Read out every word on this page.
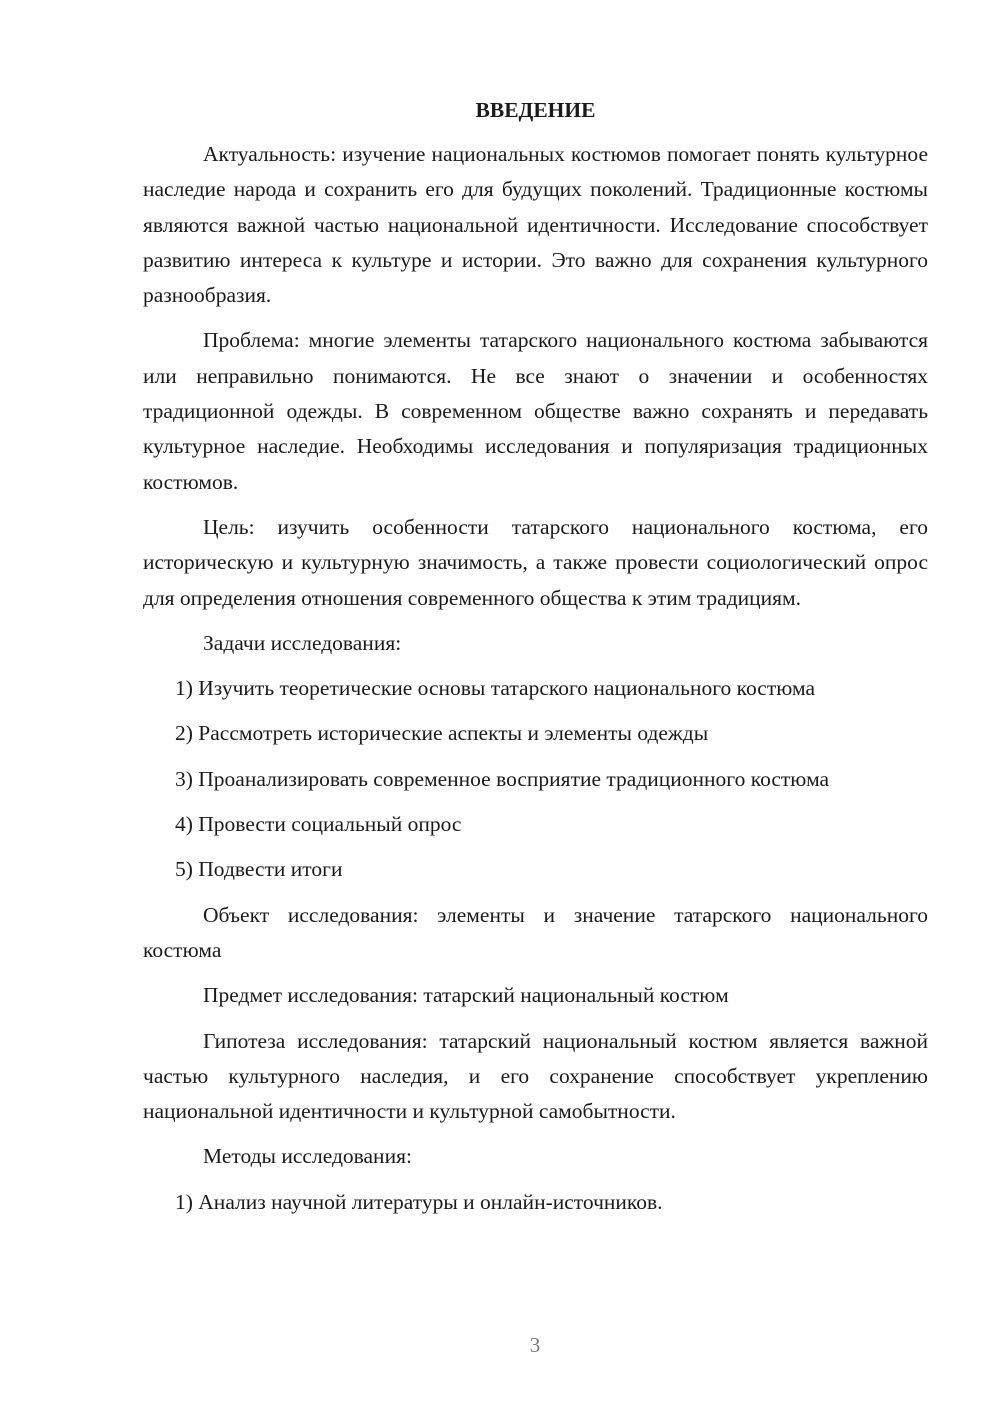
ВВЕДЕНИЕ

Актуальность: изучение национальных костюмов помогает понять культурное наследие народа и сохранить его для будущих поколений. Традиционные костюмы являются важной частью национальной идентичности. Исследование способствует развитию интереса к культуре и истории. Это важно для сохранения культурного разнообразия.

Проблема: многие элементы татарского национального костюма забываются или неправильно понимаются. Не все знают о значении и особенностях традиционной одежды. В современном обществе важно сохранять и передавать культурное наследие. Необходимы исследования и популяризация традиционных костюмов.

Цель: изучить особенности татарского национального костюма, его историческую и культурную значимость, а также провести социологический опрос для определения отношения современного общества к этим традициям.

Задачи исследования:

1) Изучить теоретические основы татарского национального костюма

2) Рассмотреть исторические аспекты и элементы одежды

3) Проанализировать современное восприятие традиционного костюма

4) Провести социальный опрос

5) Подвести итоги

Объект исследования: элементы и значение татарского национального костюма

Предмет исследования: татарский национальный костюм

Гипотеза исследования: татарский национальный костюм является важной частью культурного наследия, и его сохранение способствует укреплению национальной идентичности и культурной самобытности.

Методы исследования:

1) Анализ научной литературы и онлайн-источников.

3
